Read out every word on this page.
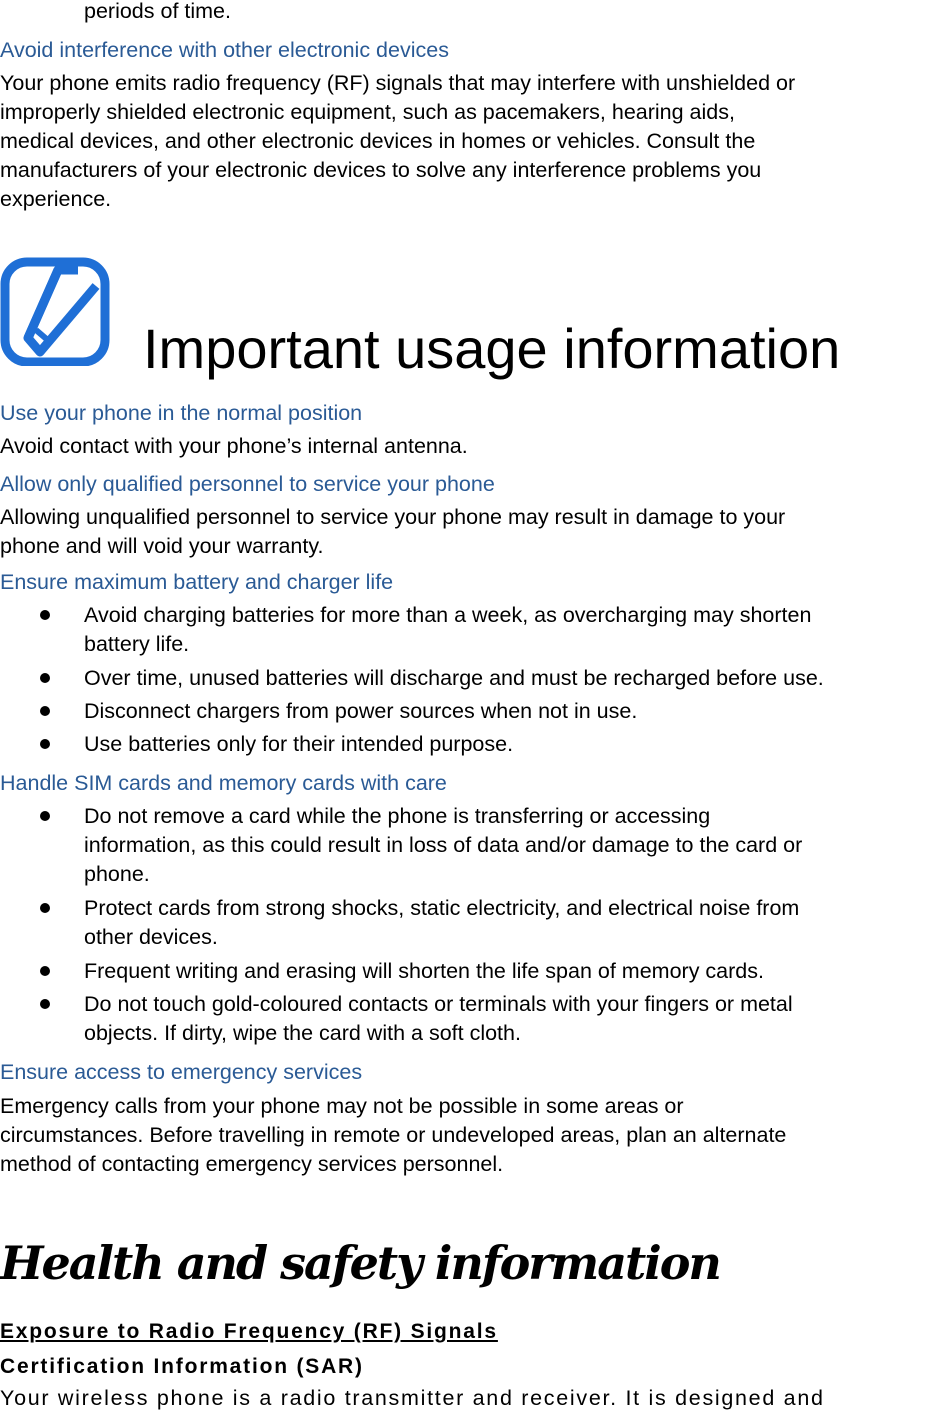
periods of time.
Avoid interference with other electronic devices
Your phone emits radio frequency (RF) signals that may interfere with unshielded or
improperly shielded electronic equipment, such as pacemakers, hearing aids,
medical devices, and other electronic devices in homes or vehicles. Consult the
manufacturers of your electronic devices to solve any interference problems you
experience.
Important usage information
Use your phone in the normal position
Avoid contact with your phone’s internal antenna.
Allow only qualified personnel to service your phone
Allowing unqualified personnel to service your phone may result in damage to your
phone and will void your warranty.
Ensure maximum battery and charger life
Avoid charging batteries for more than a week, as overcharging may shorten
battery life.
Over time, unused batteries will discharge and must be recharged before use.
Disconnect chargers from power sources when not in use.
Use batteries only for their intended purpose.
Handle SIM cards and memory cards with care
Do not remove a card while the phone is transferring or accessing
information, as this could result in loss of data and/or damage to the card or
phone.
Protect cards from strong shocks, static electricity, and electrical noise from
other devices.
Frequent writing and erasing will shorten the life span of memory cards.
Do not touch gold-coloured contacts or terminals with your fingers or metal
objects. If dirty, wipe the card with a soft cloth.
Ensure access to emergency services
Emergency calls from your phone may not be possible in some areas or
circumstances. Before travelling in remote or undeveloped areas, plan an alternate
method of contacting emergency services personnel.
Health and safety information
Exposure to Radio Frequency (RF) Signals
Certification Information (SAR)
Your wireless phone is a radio transmitter and receiver. It is designed and
